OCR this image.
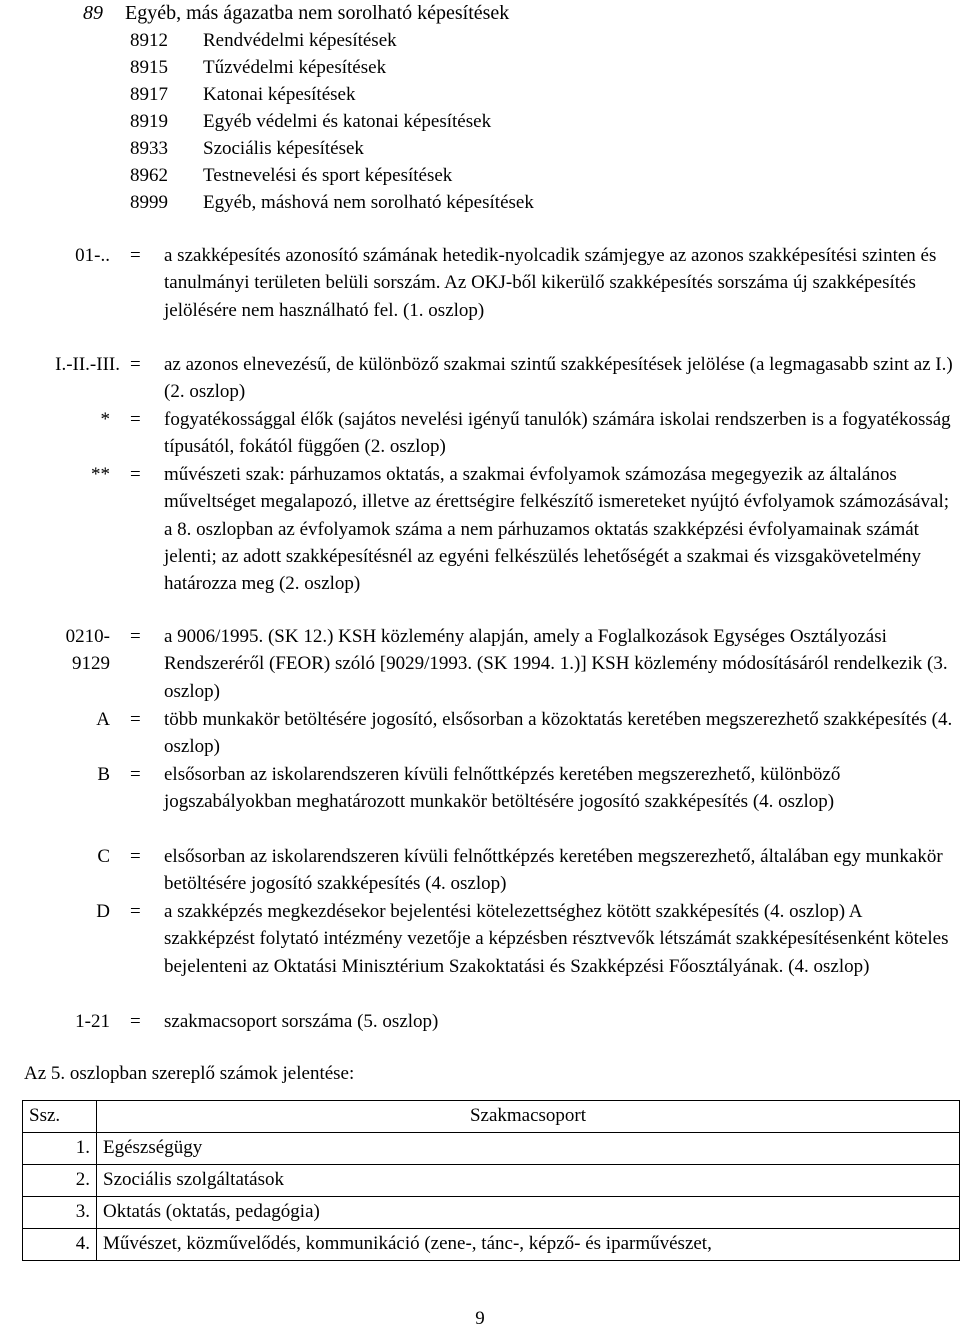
89 Egyéb, más ágazatba nem sorolható képesítések
8912 Rendvédelmi képesítések
8915 Tűzvédelmi képesítések
8917 Katonai képesítések
8919 Egyéb védelmi és katonai képesítések
8933 Szociális képesítések
8962 Testnevelési és sport képesítések
8999 Egyéb, máshová nem sorolható képesítések
01-.. = a szakképesítés azonosító számának hetedik-nyolcadik számjegye az azonos szakképesítési szinten és tanulmányi területen belüli sorszám. Az OKJ-ből kikerülő szakképesítés sorszáma új szakképesítés jelölésére nem használható fel. (1. oszlop)
I.-II.-III. = az azonos elnevezésű, de különböző szakmai szintű szakképesítések jelölése (a legmagasabb szint az I.) (2. oszlop)
* = fogyatékossággal élők (sajátos nevelési igényű tanulók) számára iskolai rendszerben is a fogyatékosság típusától, fokától függően (2. oszlop)
** = művészeti szak: párhuzamos oktatás, a szakmai évfolyamok számozása megegyezik az általános műveltséget megalapozó, illetve az érettségire felkészítő ismereteket nyújtó évfolyamok számozásával; a 8. oszlopban az évfolyamok száma a nem párhuzamos oktatás szakképzési évfolyamainak számát jelenti; az adott szakképesítésnél az egyéni felkészülés lehetőségét a szakmai és vizsgakövetelmény határozza meg (2. oszlop)
0210-
9129
= a 9006/1995. (SK 12.) KSH közlemény alapján, amely a Foglalkozások Egységes Osztályozási Rendszeréről (FEOR) szóló [9029/1993. (SK 1994. 1.)] KSH közlemény módosításáról rendelkezik (3. oszlop)
A = több munkakör betöltésére jogosító, elsősorban a közoktatás keretében megszerezhető szakképesítés (4. oszlop)
B = elsősorban az iskolarendszeren kívüli felnőttképzés keretében megszerezhető, különböző jogszabályokban meghatározott munkakör betöltésére jogosító szakképesítés (4. oszlop)
C = elsősorban az iskolarendszeren kívüli felnőttképzés keretében megszerezhető, általában egy munkakör betöltésére jogosító szakképesítés (4. oszlop)
D = a szakképzés megkezdésekor bejelentési kötelezettséghez kötött szakképesítés (4. oszlop) A szakképzést folytató intézmény vezetője a képzésben résztvevők létszámát szakképesítésenként köteles bejelenteni az Oktatási Minisztérium Szakoktatási és Szakképzési Főosztályának. (4. oszlop)
1-21 = szakmacsoport sorszáma (5. oszlop)
Az 5. oszlopban szereplő számok jelentése:
Ssz.	Szakmacsoport
1.	Egészségügy
2.	Szociális szolgáltatások
3.	Oktatás (oktatás, pedagógia)
4.	Művészet, közművelődés, kommunikáció (zene-, tánc-, képző- és iparművészet,
9
